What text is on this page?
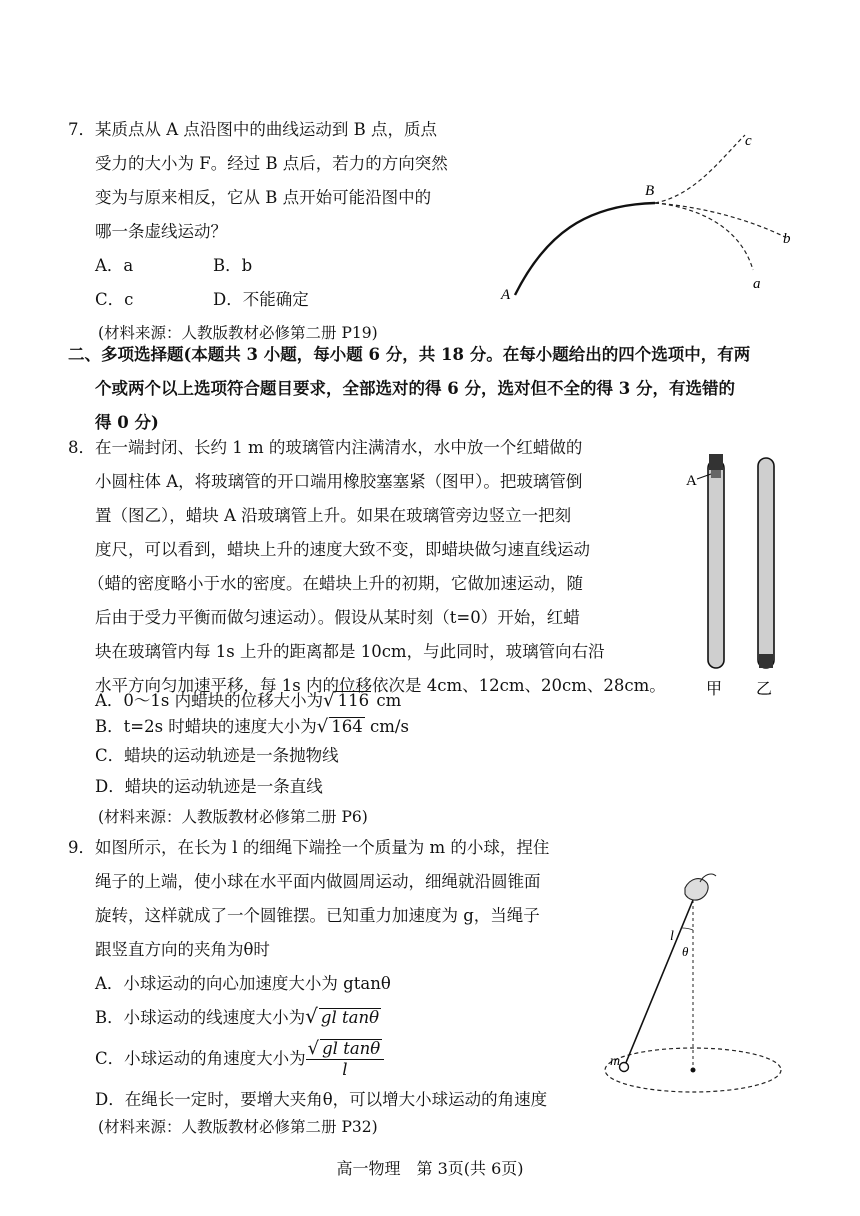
7．某质点从 A 点沿图中的曲线运动到 B 点，质点
受力的大小为 F。经过 B 点后，若力的方向突然
变为与原来相反，它从 B 点开始可能沿图中的
哪一条虚线运动？
A．a	B．b
C．c	D．不能确定
(材料来源：人教版教材必修第二册 P19)
A
B
c
b
a
二、多项选择题(本题共 3 小题，每小题 6 分，共 18 分。在每小题给出的四个选项中，有两
个或两个以上选项符合题目要求，全部选对的得 6 分，选对但不全的得 3 分，有选错的
得 0 分)
8．在一端封闭、长约 1 m 的玻璃管内注满清水，水中放一个红蜡做的
小圆柱体 A，将玻璃管的开口端用橡胶塞塞紧（图甲）。把玻璃管倒
置（图乙），蜡块 A 沿玻璃管上升。如果在玻璃管旁边竖立一把刻
度尺，可以看到，蜡块上升的速度大致不变，即蜡块做匀速直线运动
（蜡的密度略小于水的密度。在蜡块上升的初期，它做加速运动，随
后由于受力平衡而做匀速运动）。假设从某时刻（t=0）开始，红蜡
块在玻璃管内每 1s 上升的距离都是 10cm，与此同时，玻璃管向右沿
水平方向匀加速平移，每 1s 内的位移依次是 4cm、12cm、20cm、28cm。
A．0～1s 内蜡块的位移大小为√ 116 cm
B．t=2s 时蜡块的速度大小为√ 164 cm/s
C．蜡块的运动轨迹是一条抛物线
D．蜡块的运动轨迹是一条直线
(材料来源：人教版教材必修第二册 P6)
A
甲 乙
9．如图所示，在长为 l 的细绳下端拴一个质量为 m 的小球，捏住
绳子的上端，使小球在水平面内做圆周运动，细绳就沿圆锥面
旋转，这样就成了一个圆锥摆。已知重力加速度为 g，当绳子
跟竖直方向的夹角为θ时
A．小球运动的向心加速度大小为 gtanθ
B．小球运动的线速度大小为√ gl tanθ
C．小球运动的角速度大小为 $\frac{\text{√ gl tanθ}}{l}$
D．在绳长一定时，要增大夹角θ，可以增大小球运动的角速度
(材料来源：人教版教材必修第二册 P32)
l
θ
m
高一物理　第 3页(共 6页)
